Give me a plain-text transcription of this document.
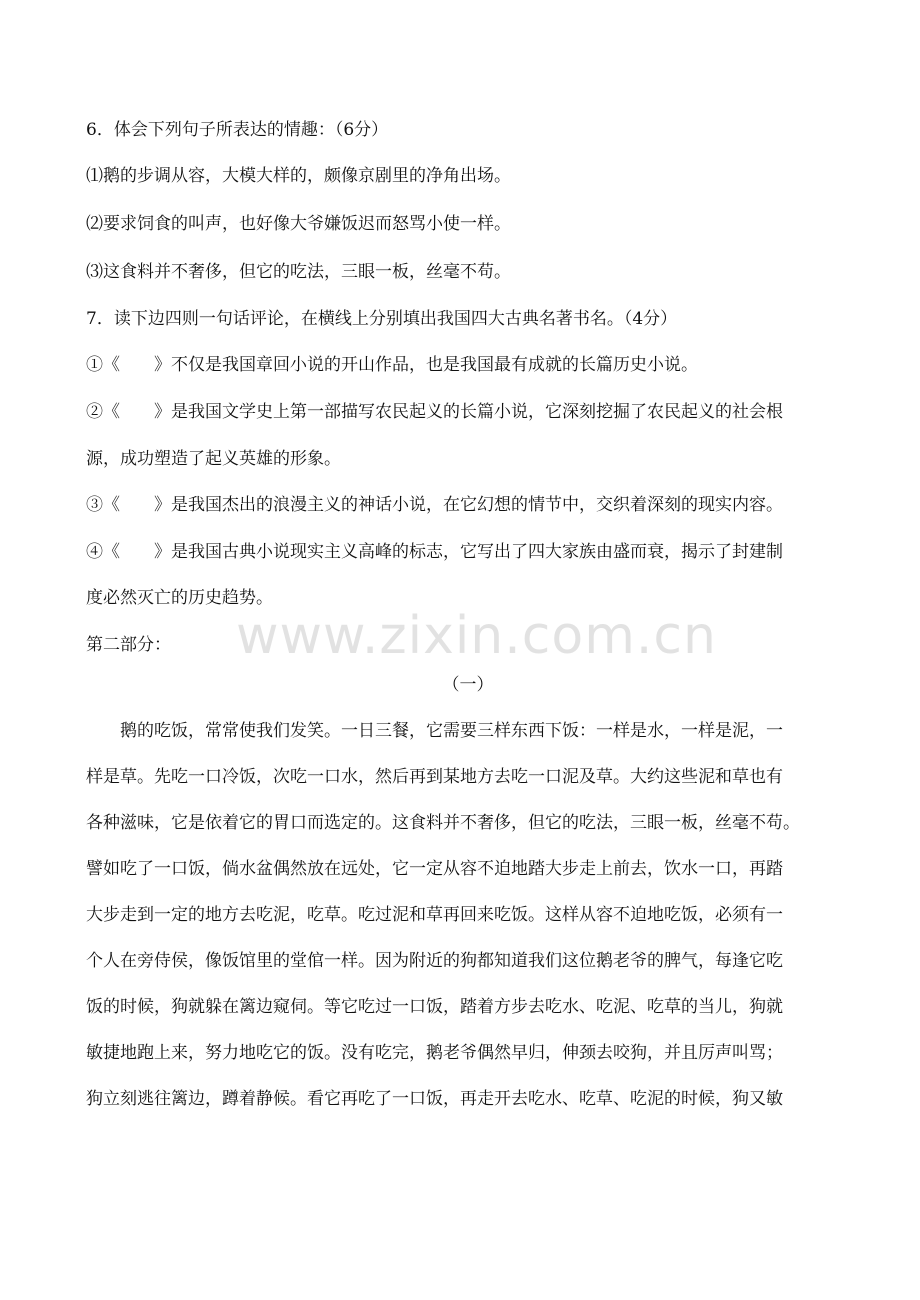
6．体会下列句子所表达的情趣：（6分）

⑴鹅的步调从容，大模大样的，颇像京剧里的净角出场。

⑵要求饲食的叫声，也好像大爷嫌饭迟而怒骂小使一样。

⑶这食料并不奢侈，但它的吃法，三眼一板，丝毫不苟。

7．读下边四则一句话评论，在横线上分别填出我国四大古典名著书名。（4分）

①《　　》不仅是我国章回小说的开山作品，也是我国最有成就的长篇历史小说。

②《　　》是我国文学史上第一部描写农民起义的长篇小说，它深刻挖掘了农民起义的社会根

源，成功塑造了起义英雄的形象。

③《　　》是我国杰出的浪漫主义的神话小说，在它幻想的情节中，交织着深刻的现实内容。

④《　　》是我国古典小说现实主义高峰的标志，它写出了四大家族由盛而衰，揭示了封建制

度必然灭亡的历史趋势。

第二部分：

（一）

鹅的吃饭，常常使我们发笑。一日三餐，它需要三样东西下饭：一样是水，一样是泥，一

样是草。先吃一口冷饭，次吃一口水，然后再到某地方去吃一口泥及草。大约这些泥和草也有

各种滋味，它是依着它的胃口而选定的。这食料并不奢侈，但它的吃法，三眼一板，丝毫不苟。

譬如吃了一口饭，倘水盆偶然放在远处，它一定从容不迫地踏大步走上前去，饮水一口，再踏

大步走到一定的地方去吃泥，吃草。吃过泥和草再回来吃饭。这样从容不迫地吃饭，必须有一

个人在旁侍侯，像饭馆里的堂倌一样。因为附近的狗都知道我们这位鹅老爷的脾气，每逢它吃

饭的时候，狗就躲在篱边窥伺。等它吃过一口饭，踏着方步去吃水、吃泥、吃草的当儿，狗就

敏捷地跑上来，努力地吃它的饭。没有吃完，鹅老爷偶然早归，伸颈去咬狗，并且厉声叫骂；

狗立刻逃往篱边，蹲着静候。看它再吃了一口饭，再走开去吃水、吃草、吃泥的时候，狗又敏

www.zixin.com.cn
